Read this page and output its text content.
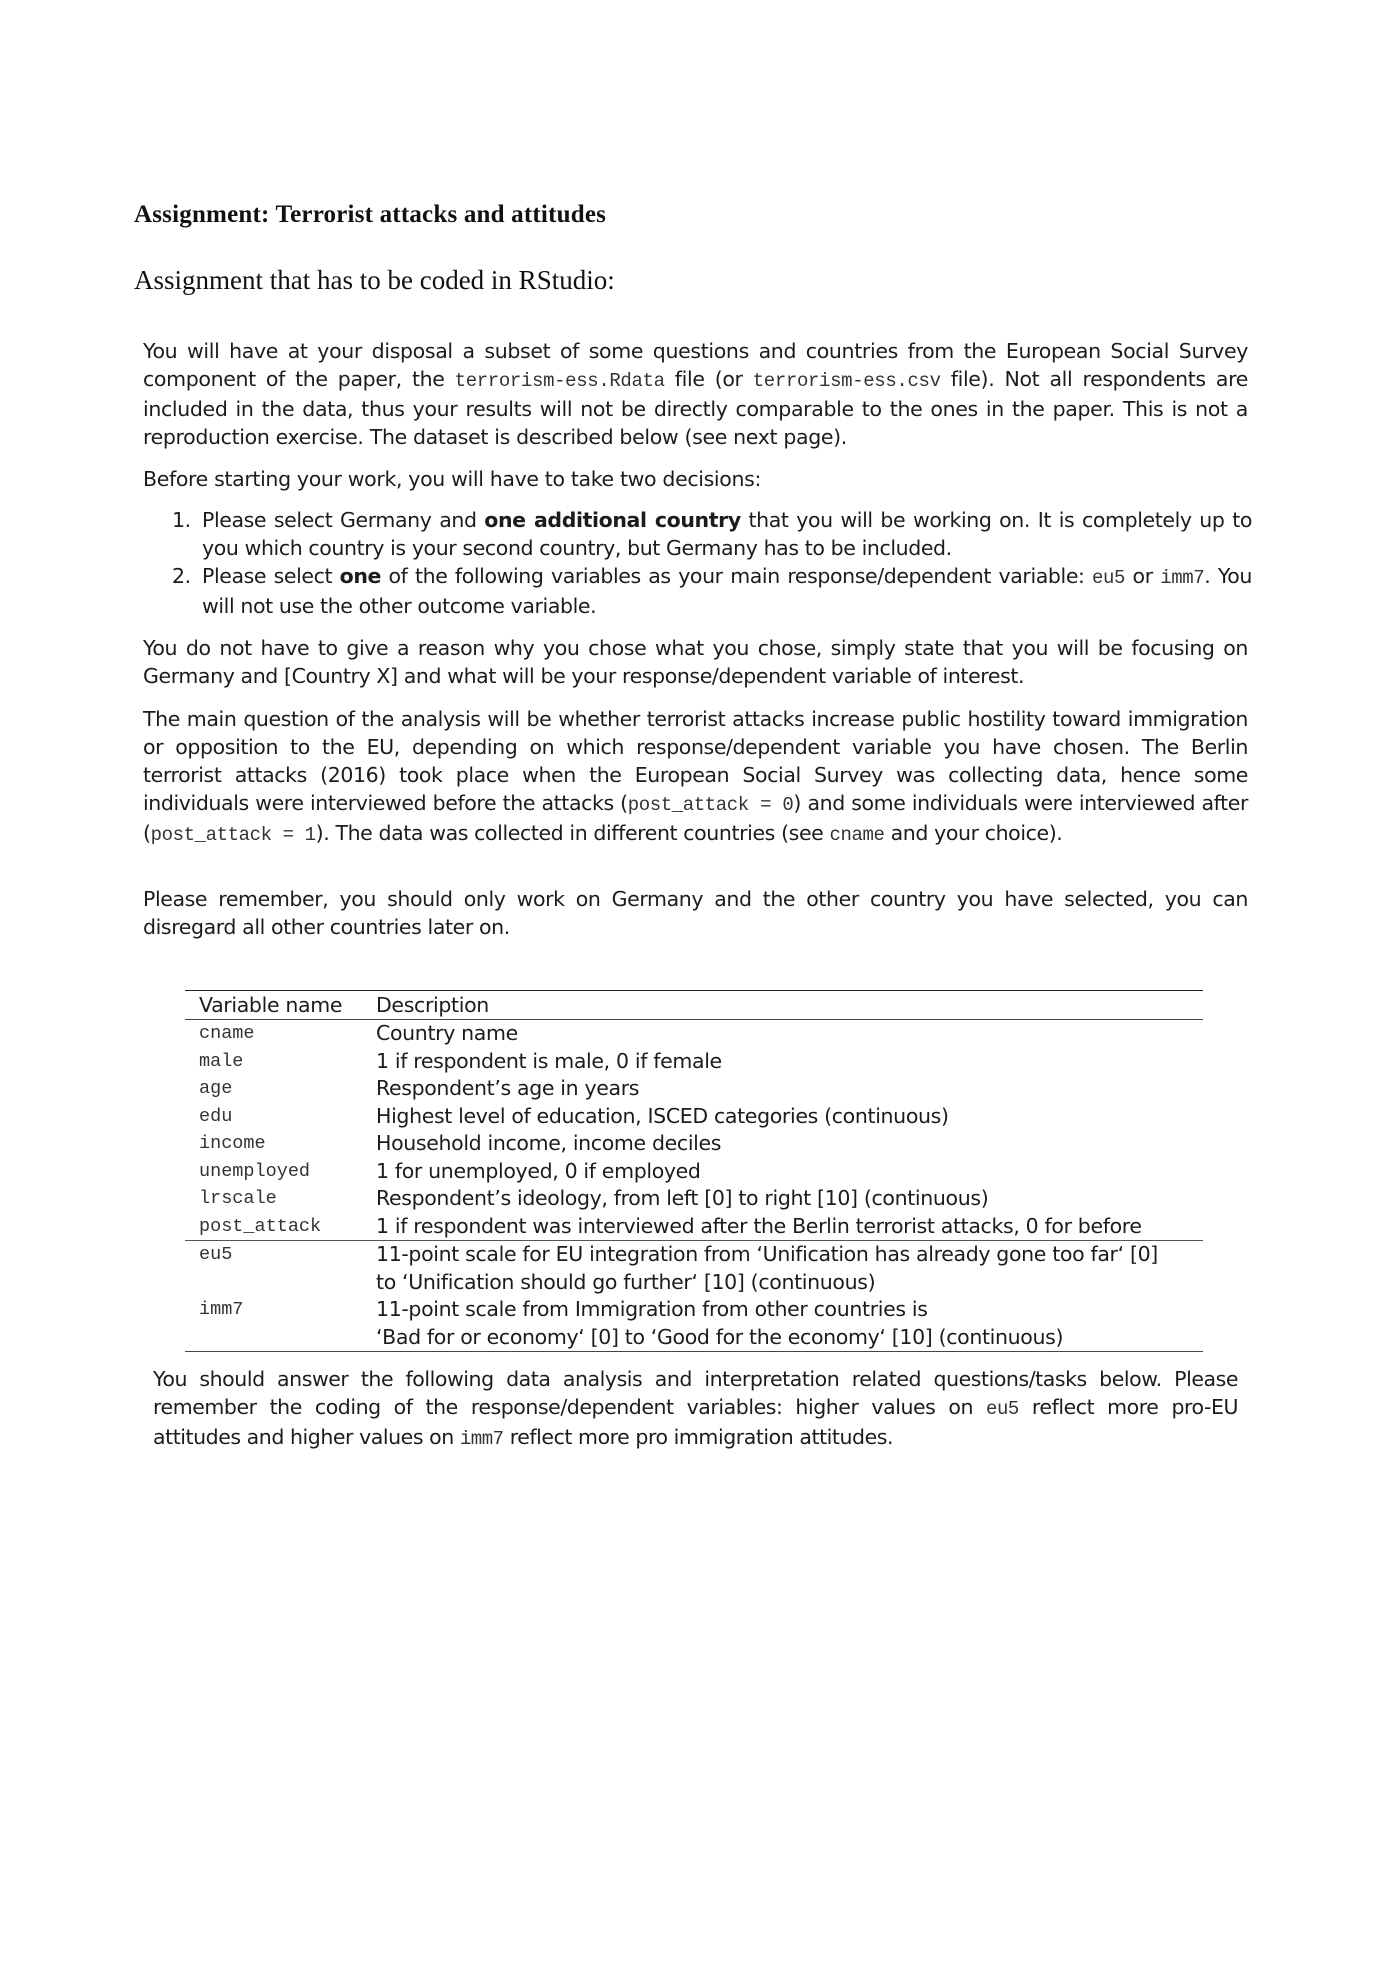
Assignment: Terrorist attacks and attitudes
Assignment that has to be coded in RStudio:
You will have at your disposal a subset of some questions and countries from the European Social Survey component of the paper, the terrorism-ess.Rdata file (or terrorism-ess.csv file). Not all respondents are included in the data, thus your results will not be directly comparable to the ones in the paper. This is not a reproduction exercise. The dataset is described below (see next page).
Before starting your work, you will have to take two decisions:
1. Please select Germany and one additional country that you will be working on. It is completely up to you which country is your second country, but Germany has to be included.
2. Please select one of the following variables as your main response/dependent variable: eu5 or imm7. You will not use the other outcome variable.
You do not have to give a reason why you chose what you chose, simply state that you will be focusing on Germany and [Country X] and what will be your response/dependent variable of interest.
The main question of the analysis will be whether terrorist attacks increase public hostility toward immigration or opposition to the EU, depending on which response/dependent variable you have chosen. The Berlin terrorist attacks (2016) took place when the European Social Survey was collecting data, hence some individuals were interviewed before the attacks (post_attack = 0) and some individuals were interviewed after (post_attack = 1). The data was collected in different countries (see cname and your choice).
Please remember, you should only work on Germany and the other country you have selected, you can disregard all other countries later on.
Variable name	Description
cname	Country name
male	1 if respondent is male, 0 if female
age	Respondent’s age in years
edu	Highest level of education, ISCED categories (continuous)
income	Household income, income deciles
unemployed	1 for unemployed, 0 if employed
lrscale	Respondent’s ideology, from left [0] to right [10] (continuous)
post_attack	1 if respondent was interviewed after the Berlin terrorist attacks, 0 for before
eu5	11-point scale for EU integration from ‘Unification has already gone too far‘ [0]
to ‘Unification should go further‘ [10] (continuous)
imm7	11-point scale from Immigration from other countries is
‘Bad for or economy‘ [0] to ‘Good for the economy‘ [10] (continuous)
You should answer the following data analysis and interpretation related questions/tasks below. Please remember the coding of the response/dependent variables: higher values on eu5 reflect more pro-EU attitudes and higher values on imm7 reflect more pro immigration attitudes.
